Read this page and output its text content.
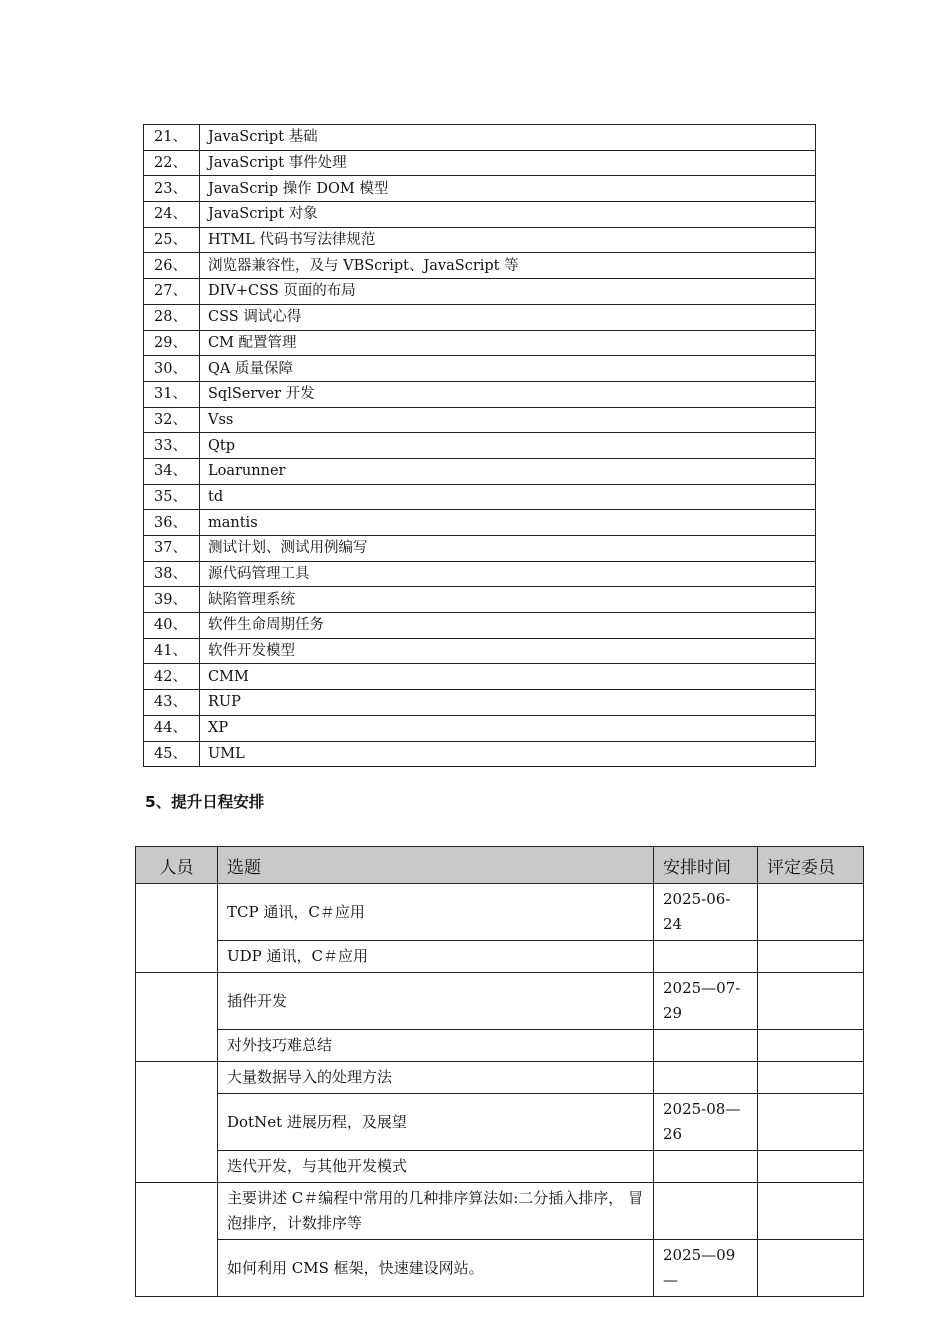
21、	JavaScript 基础
22、	JavaScript 事件处理
23、	JavaScrip 操作 DOM 模型
24、	JavaScript 对象
25、	HTML 代码书写法律规范
26、	浏览器兼容性，及与 VBScript、JavaScript 等
27、	DIV+CSS 页面的布局
28、	CSS 调试心得
29、	CM 配置管理
30、	QA 质量保障
31、	SqlServer 开发
32、	Vss
33、	Qtp
34、	Loarunner
35、	td
36、	mantis
37、	测试计划、测试用例编写
38、	源代码管理工具
39、	缺陷管理系统
40、	软件生命周期任务
41、	软件开发模型
42、	CMM
43、	RUP
44、	XP
45、	UML
5、提升日程安排
人员	选题	安排时间	评定委员
	TCP 通讯，C＃应用	2025-06-24	
	UDP 通讯，C＃应用		
	插件开发	2025—07-29	
	对外技巧难总结		
	大量数据导入的处理方法		
	DotNet 进展历程，及展望	2025-08—26	
	迭代开发，与其他开发模式		
	主要讲述 C＃编程中常用的几种排序算法如:二分插入排序， 冒泡排序，计数排序等		
	如何利用 CMS 框架，快速建设网站。	2025—09—	
